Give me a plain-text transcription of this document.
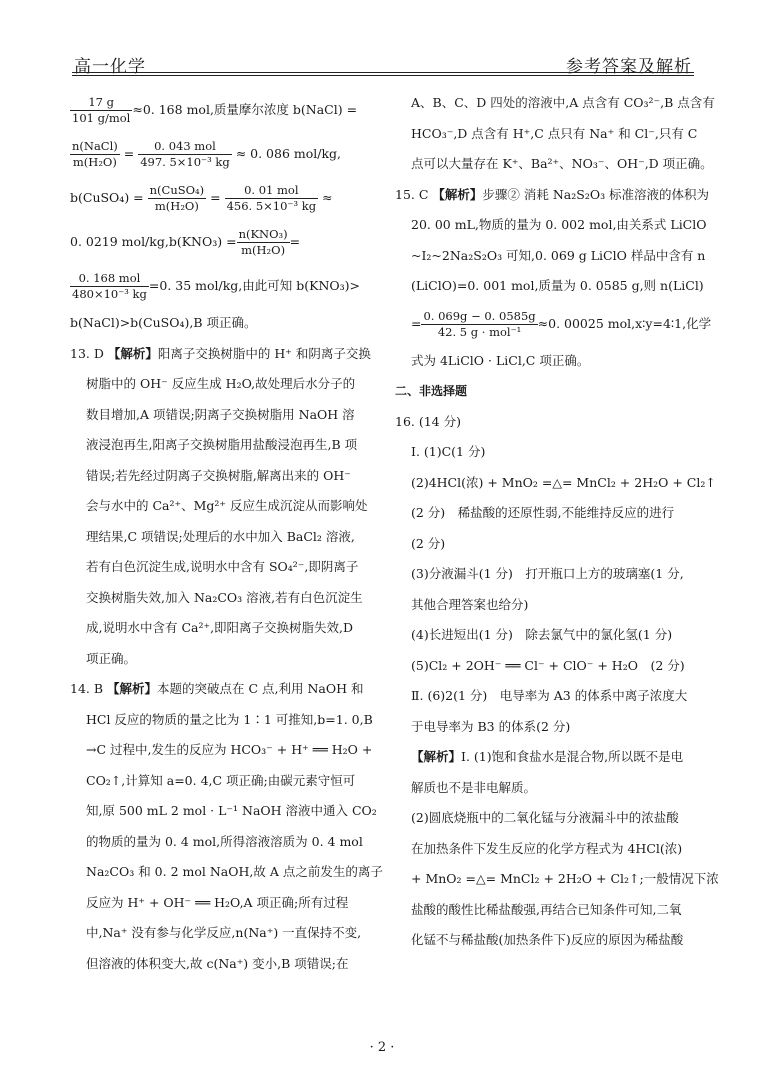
高一化学	参考答案及解析
$\frac{17 g}{\text{101 g/mol}} \approx 0$. 168 mol,质量摩尔浓度 b(NaCl) =
$\frac{\text{n(NaCl)}}{\text{m(H₂O)}} = \frac{\text{0. 043 mol}}{\text{497. 5×10⁻³ kg}} \approx 0$. 086 mol/kg,
b(CuSO₄) = $\frac{\text{n(CuSO₄)}}{\text{m(H₂O)}} = \frac{\text{0. 01 mol}}{\text{456. 5×10⁻³ kg}}$ ≈
0. 0219 $mol/kg,b(KNO_3) = \frac{\text{n(KNO₃)}}{\text{m(H₂O)}}$ =
$\frac{\text{0. 168 mol}}{\text{480×10⁻³ kg}} =0$. 35 mol/kg,由此可知 b(KNO₃)>
b(NaCl)>b(CuSO₄),B 项正确。
13. D 【解析】阳离子交换树脂中的 H⁺ 和阴离子交换
树脂中的 OH⁻ 反应生成 H₂O,故处理后水分子的
数目增加,A 项错误;阴离子交换树脂用 NaOH 溶
液浸泡再生,阳离子交换树脂用盐酸浸泡再生,B 项
错误;若先经过阴离子交换树脂,解离出来的 OH⁻
会与水中的 Ca²⁺、Mg²⁺ 反应生成沉淀从而影响处
理结果,C 项错误;处理后的水中加入 BaCl₂ 溶液,
若有白色沉淀生成,说明水中含有 SO₄²⁻,即阴离子
交换树脂失效,加入 Na₂CO₃ 溶液,若有白色沉淀生
成,说明水中含有 Ca²⁺,即阳离子交换树脂失效,D
项正确。
14. B 【解析】本题的突破点在 C 点,利用 NaOH 和
HCl 反应的物质的量之比为 1∶1 可推知,b=1. 0,B
→C 过程中,发生的反应为 HCO₃⁻ + H⁺ ══ H₂O +
CO₂↑,计算知 a=0. 4,C 项正确;由碳元素守恒可
知,原 500 mL 2 mol · L⁻¹ NaOH 溶液中通入 CO₂
的物质的量为 0. 4 mol,所得溶液溶质为 0. 4 mol
Na₂CO₃ 和 0. 2 mol NaOH,故 A 点之前发生的离子
反应为 H⁺ + OH⁻ ══ H₂O,A 项正确;所有过程
中,Na⁺ 没有参与化学反应,n(Na⁺) 一直保持不变,
但溶液的体积变大,故 c(Na⁺) 变小,B 项错误;在
A、B、C、D 四处的溶液中,A 点含有 CO₃²⁻,B 点含有
HCO₃⁻,D 点含有 H⁺,C 点只有 Na⁺ 和 Cl⁻,只有 C
点可以大量存在 K⁺、Ba²⁺、NO₃⁻、OH⁻,D 项正确。
15. C 【解析】步骤② 消耗 Na₂S₂O₃ 标准溶液的体积为
20. 00 mL,物质的量为 0. 002 mol,由关系式 LiClO
~I₂~2Na₂S₂O₃ 可知,0. 069 g LiClO 样品中含有 n
(LiClO)=0. 001 mol,质量为 0. 0585 g,则 n(LiCl)
= $\frac{0. 069g - 0. 0585g}{\text{42. 5 g · mol⁻¹}} \approx 0$. 00025 mol,x∶y=4∶1,化学
式为 4LiClO · LiCl,C 项正确。
二、非选择题
16. (14 分)
Ⅰ. (1)C(1 分)
(2)4HCl(浓) + MnO₂ =△= MnCl₂ + 2H₂O + Cl₂↑
(2 分)　稀盐酸的还原性弱,不能维持反应的进行
(2 分)
(3)分液漏斗(1 分)　打开瓶口上方的玻璃塞(1 分,
其他合理答案也给分)
(4)长进短出(1 分)　除去氯气中的氯化氢(1 分)
(5)Cl₂ + 2OH⁻ ══ Cl⁻ + ClO⁻ + H₂O　(2 分)
Ⅱ. (6)2(1 分)　电导率为 A3 的体系中离子浓度大
于电导率为 B3 的体系(2 分)
【解析】Ⅰ. (1)饱和食盐水是混合物,所以既不是电
解质也不是非电解质。
(2)圆底烧瓶中的二氧化锰与分液漏斗中的浓盐酸
在加热条件下发生反应的化学方程式为 4HCl(浓)
+ MnO₂ =△= MnCl₂ + 2H₂O + Cl₂↑;一般情况下浓
盐酸的酸性比稀盐酸强,再结合已知条件可知,二氧
化锰不与稀盐酸(加热条件下)反应的原因为稀盐酸
· 2 ·
